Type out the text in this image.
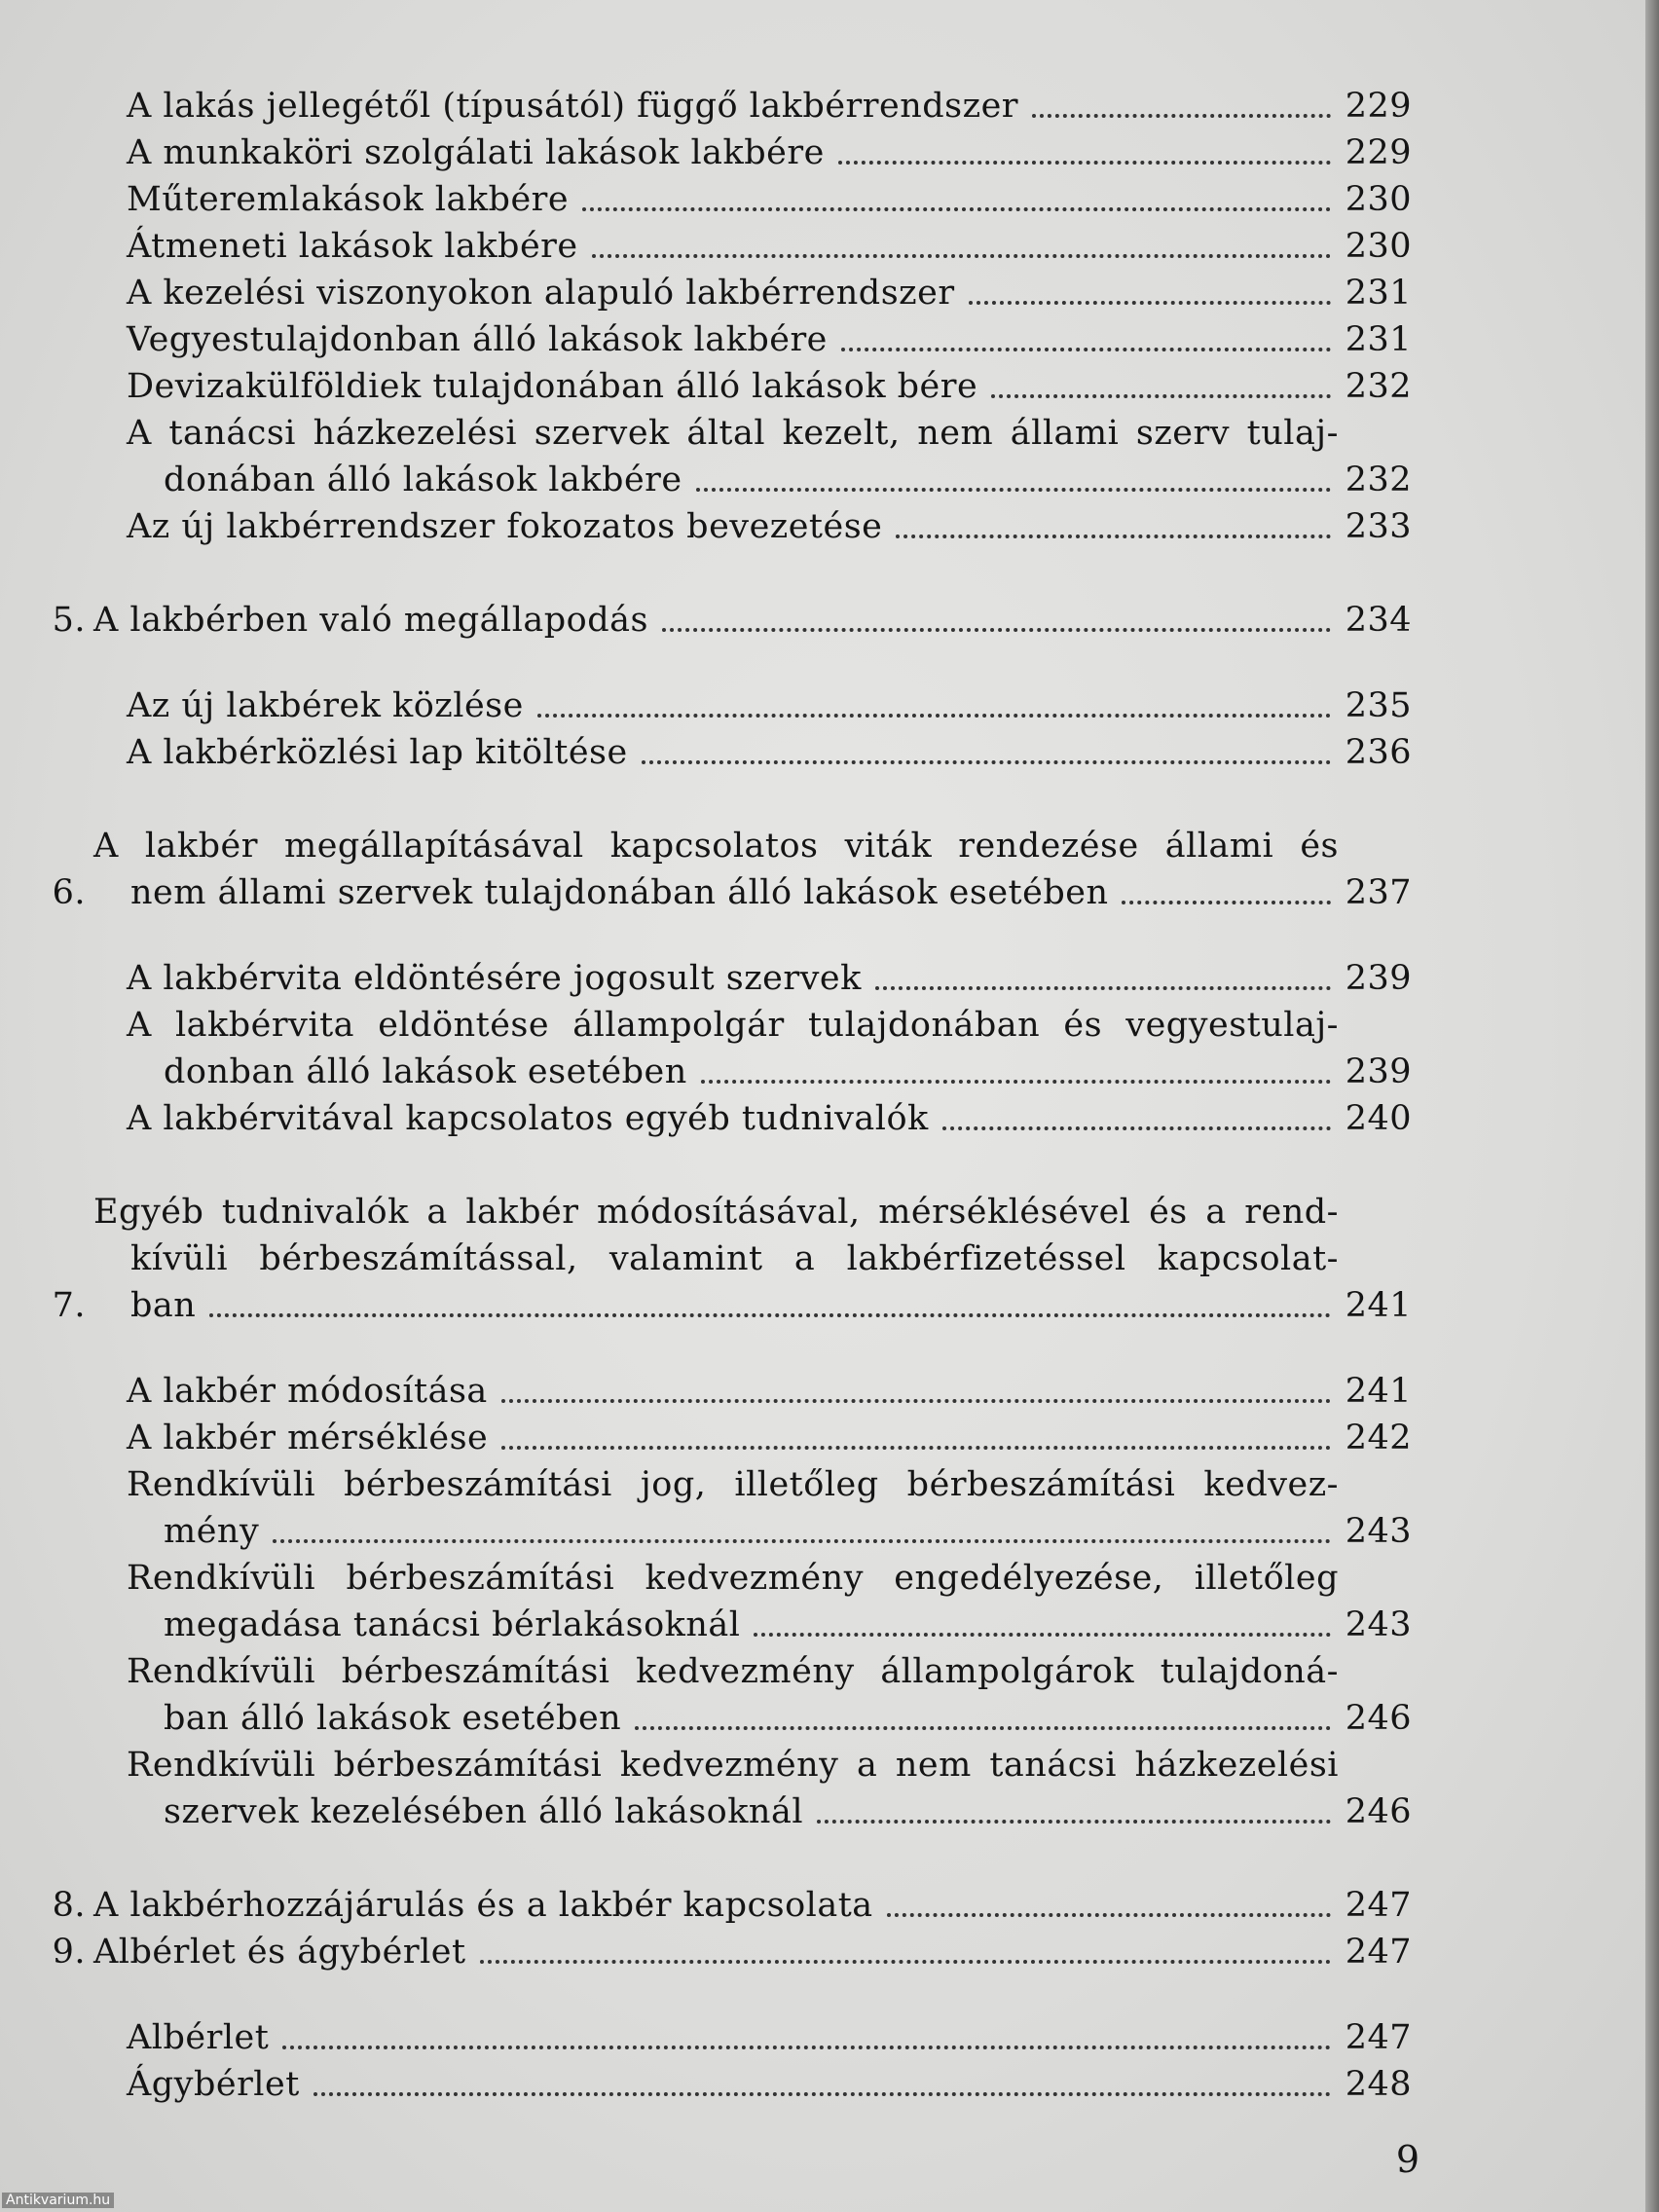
A lakás jellegétől (típusától) függő lakbérrendszer	229
A munkaköri szolgálati lakások lakbére	229
Műteremlakások lakbére	230
Átmeneti lakások lakbére	230
A kezelési viszonyokon alapuló lakbérrendszer	231
Vegyestulajdonban álló lakások lakbére	231
Devizakülföldiek tulajdonában álló lakások bére	232
A tanácsi házkezelési szervek által kezelt, nem állami szerv tulaj-
donában álló lakások lakbére	232
Az új lakbérrendszer fokozatos bevezetése	233
5. A lakbérben való megállapodás	234
Az új lakbérek közlése	235
A lakbérközlési lap kitöltése	236
6.
A lakbér megállapításával kapcsolatos viták rendezése állami és
nem állami szervek tulajdonában álló lakások esetében	237
A lakbérvita eldöntésére jogosult szervek	239
A lakbérvita eldöntése állampolgár tulajdonában és vegyestulaj-
donban álló lakások esetében	239
A lakbérvitával kapcsolatos egyéb tudnivalók	240
7.
Egyéb tudnivalók a lakbér módosításával, mérséklésével és a rend-
kívüli bérbeszámítással, valamint a lakbérfizetéssel kapcsolat-
ban	241
A lakbér módosítása	241
A lakbér mérséklése	242
Rendkívüli bérbeszámítási jog, illetőleg bérbeszámítási kedvez-
mény	243
Rendkívüli bérbeszámítási kedvezmény engedélyezése, illetőleg
megadása tanácsi bérlakásoknál	243
Rendkívüli bérbeszámítási kedvezmény állampolgárok tulajdoná-
ban álló lakások esetében	246
Rendkívüli bérbeszámítási kedvezmény a nem tanácsi házkezelési
szervek kezelésében álló lakásoknál	246
8. A lakbérhozzájárulás és a lakbér kapcsolata	247
9. Albérlet és ágybérlet	247
Albérlet	247
Ágybérlet	248
9
Antikvarium.hu
